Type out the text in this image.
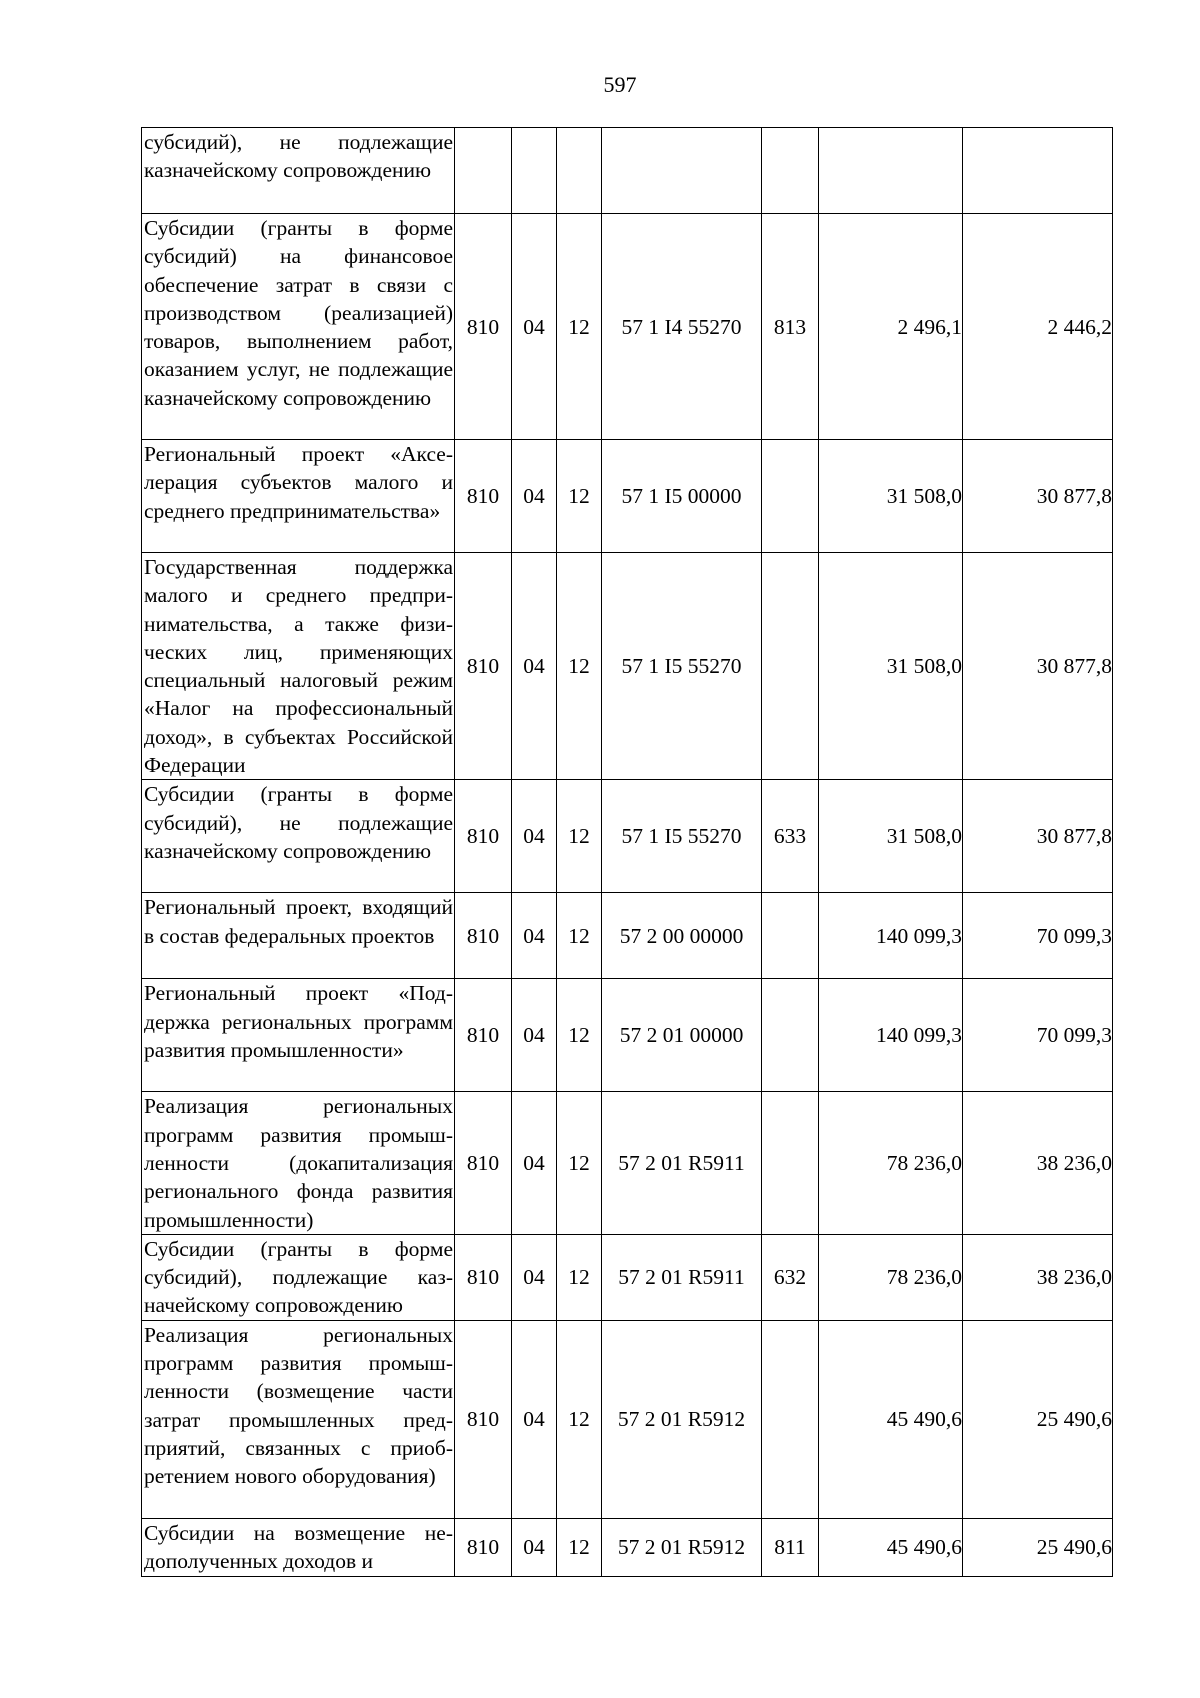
597
субсидий), не подлежащие казначейскому сопровождению							
Субсидии (гранты в форме субсидий) на финансовое обеспечение затрат в связи с производством (реализацией) товаров, выполнением работ, оказанием услуг, не подлежащие казначейскому сопровождению	810	04	12	57 1 I4 55270	813	2 496,1	2 446,2
Региональный проект «Акселерация субъектов малого и среднего предпринимательства»	810	04	12	57 1 I5 00000		31 508,0	30 877,8
Государственная поддержка малого и среднего предпринимательства, а также физических лиц, применяющих специальный налоговый режим «Налог на профессиональный доход», в субъектах Российской Федерации	810	04	12	57 1 I5 55270		31 508,0	30 877,8
Субсидии (гранты в форме субсидий), не подлежащие казначейскому сопровождению	810	04	12	57 1 I5 55270	633	31 508,0	30 877,8
Региональный проект, входящий в состав федеральных проектов	810	04	12	57 2 00 00000		140 099,3	70 099,3
Региональный проект «Поддержка региональных программ развития промышленности»	810	04	12	57 2 01 00000		140 099,3	70 099,3
Реализация региональных программ развития промышленности (докапитализация регионального фонда развития промышленности)	810	04	12	57 2 01 R5911		78 236,0	38 236,0
Субсидии (гранты в форме субсидий), подлежащие казначейскому сопровождению	810	04	12	57 2 01 R5911	632	78 236,0	38 236,0
Реализация региональных программ развития промышленности (возмещение части затрат промышленных предприятий, связанных с приобретением нового оборудования)	810	04	12	57 2 01 R5912		45 490,6	25 490,6
Субсидии на возмещение недополученных доходов и	810	04	12	57 2 01 R5912	811	45 490,6	25 490,6
